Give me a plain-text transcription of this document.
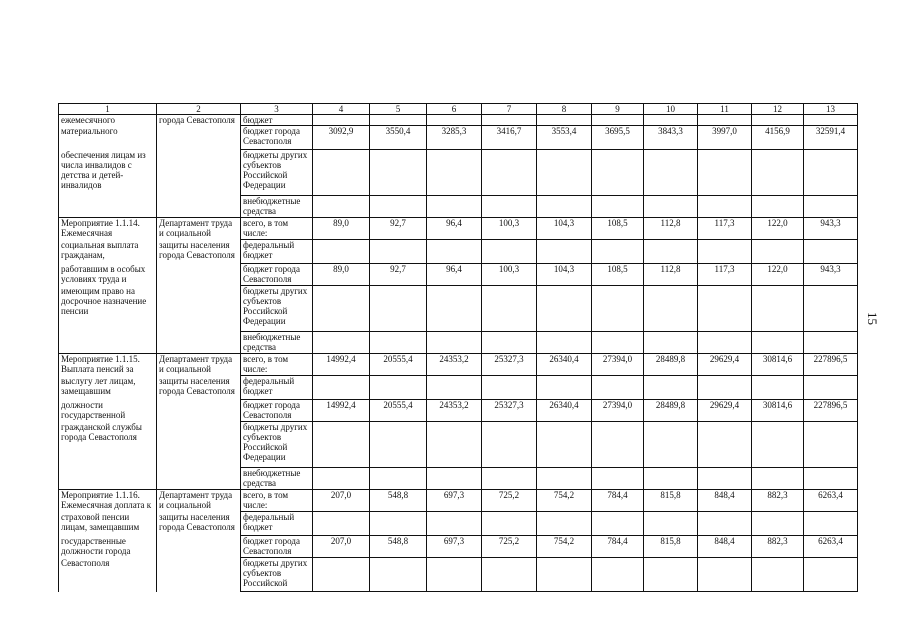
1	2	3	4	5	6	7	8	9	10	11	12	13
ежемесячного	города Севастополя	бюджет										
материального		бюджет города Севастополя	3092,9	3550,4	3285,3	3416,7	3553,4	3695,5	3843,3	3997,0	4156,9	32591,4
обеспечения лицам из числа инвалидов с детства и детей-инвалидов		бюджеты других субъектов Российской Федерации										
		внебюджетные средства										
Мероприятие 1.1.14. Ежемесячная	Департамент труда и социальной	всего, в том числе:	89,0	92,7	96,4	100,3	104,3	108,5	112,8	117,3	122,0	943,3
социальная выплата гражданам,	защиты населения города Севастополя	федеральный бюджет										
работавшим в особых условиях труда и		бюджет города Севастополя	89,0	92,7	96,4	100,3	104,3	108,5	112,8	117,3	122,0	943,3
имеющим право на досрочное назначение пенсии		бюджеты других субъектов Российской Федерации										
		внебюджетные средства										
Мероприятие 1.1.15. Выплата пенсий за	Департамент труда и социальной	всего, в том числе:	14992,4	20555,4	24353,2	25327,3	26340,4	27394,0	28489,8	29629,4	30814,6	227896,5
выслугу лет лицам, замещавшим	защиты населения города Севастополя	федеральный бюджет										
должности государственной		бюджет города Севастополя	14992,4	20555,4	24353,2	25327,3	26340,4	27394,0	28489,8	29629,4	30814,6	227896,5
гражданской службы города Севастополя		бюджеты других субъектов Российской Федерации										
		внебюджетные средства										
Мероприятие 1.1.16. Ежемесячная доплата к	Департамент труда и социальной	всего, в том числе:	207,0	548,8	697,3	725,2	754,2	784,4	815,8	848,4	882,3	6263,4
страховой пенсии лицам, замещавшим	защиты населения города Севастополя	федеральный бюджет										
государственные должности города		бюджет города Севастополя	207,0	548,8	697,3	725,2	754,2	784,4	815,8	848,4	882,3	6263,4
Севастополя		бюджеты других субъектов Российской										
15
